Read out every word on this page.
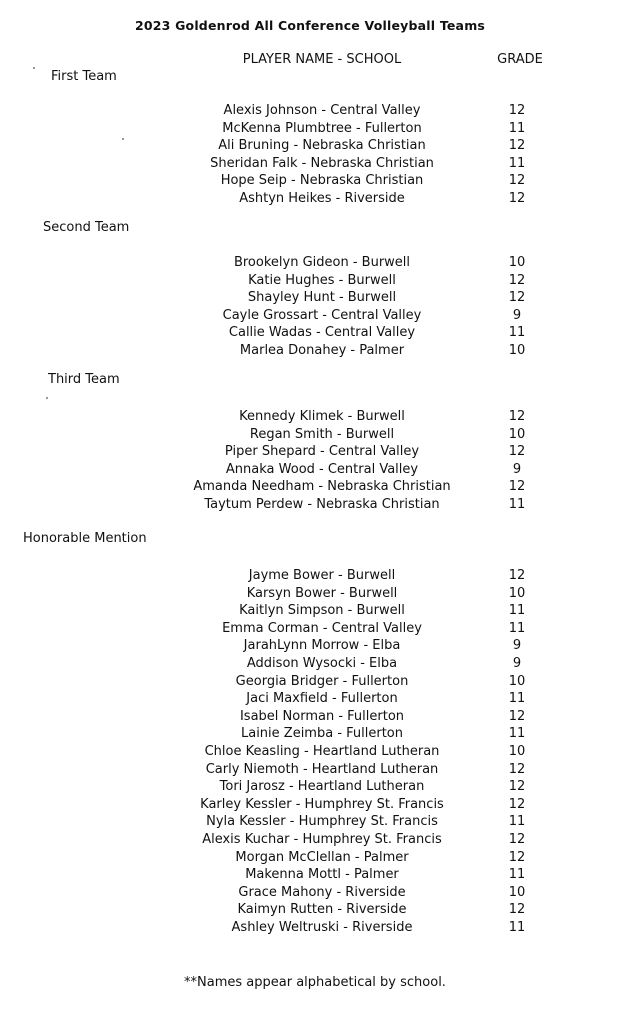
2023 Goldenrod All Conference Volleyball Teams
PLAYER NAME - SCHOOL	GRADE
First Team
Alexis Johnson - Central Valley	12
McKenna Plumbtree - Fullerton	11
Ali Bruning - Nebraska Christian	12
Sheridan Falk - Nebraska Christian	11
Hope Seip - Nebraska Christian	12
Ashtyn Heikes - Riverside	12
Second Team
Brookelyn Gideon - Burwell	10
Katie Hughes - Burwell	12
Shayley Hunt - Burwell	12
Cayle Grossart - Central Valley	9
Callie Wadas - Central Valley	11
Marlea Donahey - Palmer	10
Third Team
Kennedy Klimek - Burwell	12
Regan Smith - Burwell	10
Piper Shepard - Central Valley	12
Annaka Wood - Central Valley	9
Amanda Needham - Nebraska Christian	12
Taytum Perdew - Nebraska Christian	11
Honorable Mention
Jayme Bower - Burwell	12
Karsyn Bower - Burwell	10
Kaitlyn Simpson - Burwell	11
Emma Corman - Central Valley	11
JarahLynn Morrow - Elba	9
Addison Wysocki - Elba	9
Georgia Bridger - Fullerton	10
Jaci Maxfield - Fullerton	11
Isabel Norman - Fullerton	12
Lainie Zeimba - Fullerton	11
Chloe Keasling - Heartland Lutheran	10
Carly Niemoth - Heartland Lutheran	12
Tori Jarosz - Heartland Lutheran	12
Karley Kessler - Humphrey St. Francis	12
Nyla Kessler - Humphrey St. Francis	11
Alexis Kuchar - Humphrey St. Francis	12
Morgan McClellan - Palmer	12
Makenna Mottl - Palmer	11
Grace Mahony - Riverside	10
Kaimyn Rutten - Riverside	12
Ashley Weltruski - Riverside	11
**Names appear alphabetical by school.
